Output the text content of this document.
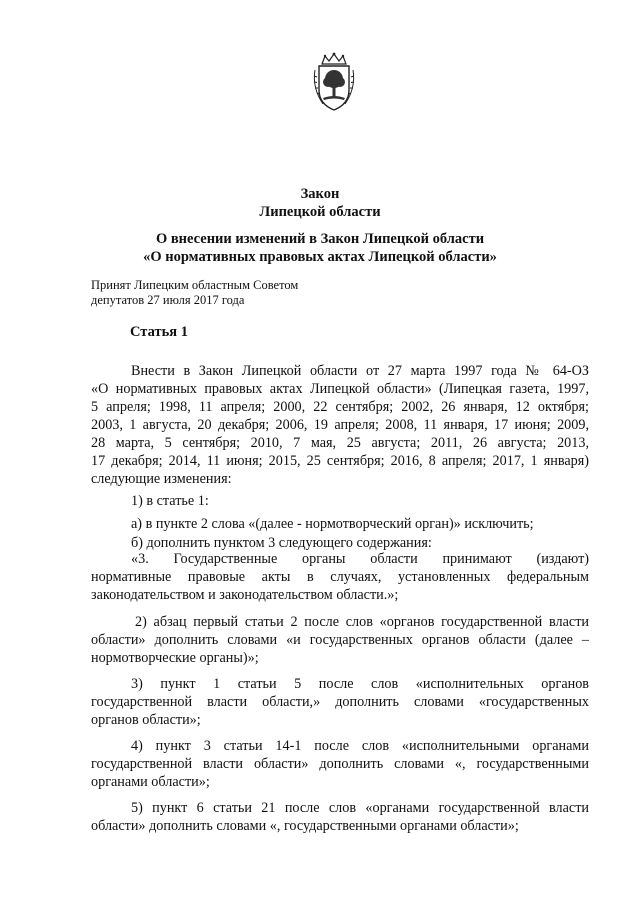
Закон
Липецкой области
О внесении изменений в Закон Липецкой области
«О нормативных правовых актах Липецкой области»
Принят Липецким областным Советом
депутатов 27 июля 2017 года
Статья 1
Внести в Закон Липецкой области от 27 марта 1997 года № 64-ОЗ
«О нормативных правовых актах Липецкой области» (Липецкая газета, 1997,
5 апреля; 1998, 11 апреля; 2000, 22 сентября; 2002, 26 января, 12 октября;
2003, 1 августа, 20 декабря; 2006, 19 апреля; 2008, 11 января, 17 июня; 2009,
28 марта, 5 сентября; 2010, 7 мая, 25 августа; 2011, 26 августа; 2013,
17 декабря; 2014, 11 июня; 2015, 25 сентября; 2016, 8 апреля; 2017, 1 января)
следующие изменения:
1) в статье 1:
а) в пункте 2 слова «(далее - нормотворческий орган)» исключить;
б) дополнить пунктом 3 следующего содержания:
«3. Государственные органы области принимают (издают)
нормативные правовые акты в случаях, установленных федеральным
законодательством и законодательством области.»;
2) абзац первый статьи 2 после слов «органов государственной власти
области» дополнить словами «и государственных органов области (далее –
нормотворческие органы)»;
3) пункт 1 статьи 5 после слов «исполнительных органов
государственной власти области,» дополнить словами «государственных
органов области»;
4) пункт 3 статьи 14-1 после слов «исполнительными органами
государственной власти области» дополнить словами «, государственными
органами области»;
5) пункт 6 статьи 21 после слов «органами государственной власти
области» дополнить словами «, государственными органами области»;
